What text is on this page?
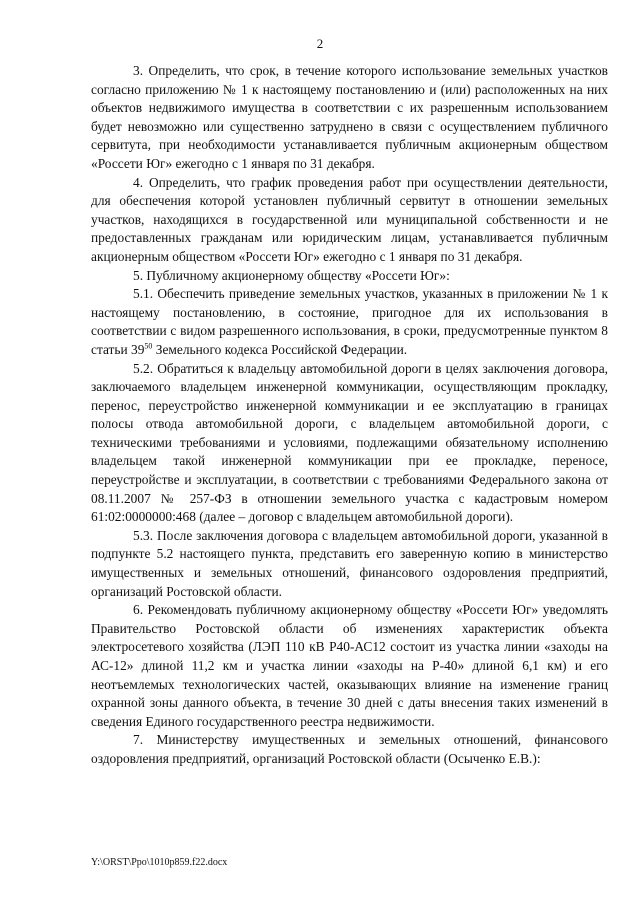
2

3. Определить, что срок, в течение которого использование земельных участков согласно приложению № 1 к настоящему постановлению и (или) расположенных на них объектов недвижимого имущества в соответствии с их разрешенным использованием будет невозможно или существенно затруднено в связи с осуществлением публичного сервитута, при необходимости устанавливается публичным акционерным обществом «Россети Юг» ежегодно с 1 января по 31 декабря.

4. Определить, что график проведения работ при осуществлении деятельности, для обеспечения которой установлен публичный сервитут в отношении земельных участков, находящихся в государственной или муниципальной собственности и не предоставленных гражданам или юридическим лицам, устанавливается публичным акционерным обществом «Россети Юг» ежегодно с 1 января по 31 декабря.

5. Публичному акционерному обществу «Россети Юг»:

5.1. Обеспечить приведение земельных участков, указанных в приложении № 1 к настоящему постановлению, в состояние, пригодное для их использования в соответствии с видом разрешенного использования, в сроки, предусмотренные пунктом 8 статьи $39^{50}$ Земельного кодекса Российской Федерации.

5.2. Обратиться к владельцу автомобильной дороги в целях заключения договора, заключаемого владельцем инженерной коммуникации, осуществляющим прокладку, перенос, переустройство инженерной коммуникации и ее эксплуатацию в границах полосы отвода автомобильной дороги, с владельцем автомобильной дороги, с техническими требованиями и условиями, подлежащими обязательному исполнению владельцем такой инженерной коммуникации при ее прокладке, переносе, переустройстве и эксплуатации, в соответствии с требованиями Федерального закона от 08.11.2007 № 257-ФЗ в отношении земельного участка с кадастровым номером 61:02:0000000:468 (далее – договор с владельцем автомобильной дороги).

5.3. После заключения договора с владельцем автомобильной дороги, указанной в подпункте 5.2 настоящего пункта, представить его заверенную копию в министерство имущественных и земельных отношений, финансового оздоровления предприятий, организаций Ростовской области.

6. Рекомендовать публичному акционерному обществу «Россети Юг» уведомлять Правительство Ростовской области об изменениях характеристик объекта электросетевого хозяйства (ЛЭП 110 кВ Р40-АС12 состоит из участка линии «заходы на АС-12» длиной 11,2 км и участка линии «заходы на Р-40» длиной 6,1 км) и его неотъемлемых технологических частей, оказывающих влияние на изменение границ охранной зоны данного объекта, в течение 30 дней с даты внесения таких изменений в сведения Единого государственного реестра недвижимости.

7. Министерству имущественных и земельных отношений, финансового оздоровления предприятий, организаций Ростовской области (Осыченко Е.В.):

Y:\ORST\Ppo\1010p859.f22.docx
